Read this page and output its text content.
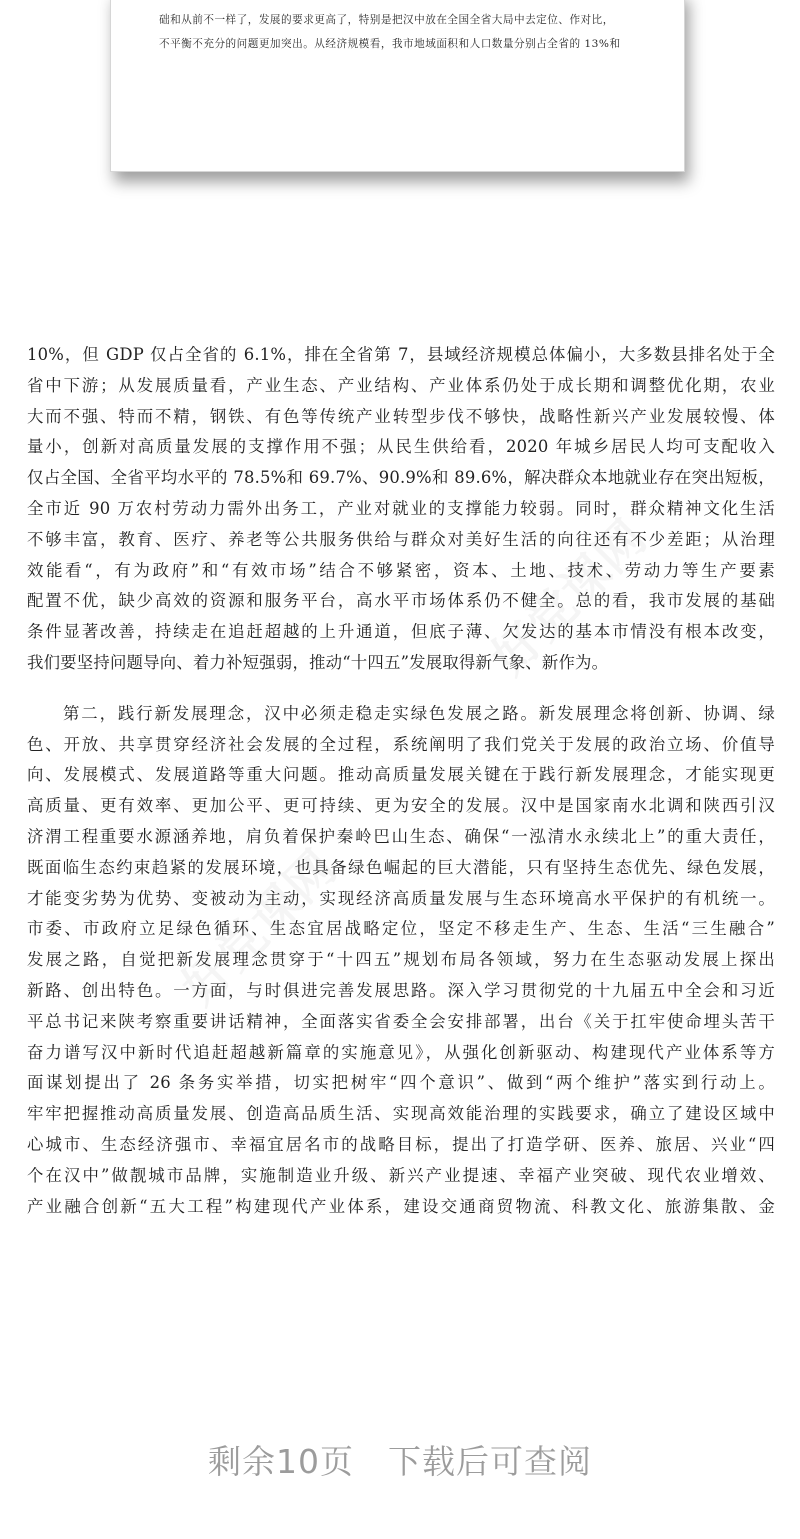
础和从前不一样了，发展的要求更高了，特别是把汉中放在全国全省大局中去定位、作对比，
不平衡不充分的问题更加突出。从经济规模看，我市地域面积和人口数量分别占全省的 13%和
好党课网
好党课网
10%，但 GDP 仅占全省的 6.1%，排在全省第 7，县域经济规模总体偏小，大多数县排名处于全
省中下游；从发展质量看，产业生态、产业结构、产业体系仍处于成长期和调整优化期，农业
大而不强、特而不精，钢铁、有色等传统产业转型步伐不够快，战略性新兴产业发展较慢、体
量小，创新对高质量发展的支撑作用不强；从民生供给看，2020 年城乡居民人均可支配收入
仅占全国、全省平均水平的 78.5%和 69.7%、90.9%和 89.6%，解决群众本地就业存在突出短板，
全市近 90 万农村劳动力需外出务工，产业对就业的支撑能力较弱。同时，群众精神文化生活
不够丰富，教育、医疗、养老等公共服务供给与群众对美好生活的向往还有不少差距；从治理
效能看“，有为政府”和“有效市场”结合不够紧密，资本、土地、技术、劳动力等生产要素
配置不优，缺少高效的资源和服务平台，高水平市场体系仍不健全。总的看，我市发展的基础
条件显著改善，持续走在追赶超越的上升通道，但底子薄、欠发达的基本市情没有根本改变，
我们要坚持问题导向、着力补短强弱，推动“十四五”发展取得新气象、新作为。
第二，践行新发展理念，汉中必须走稳走实绿色发展之路。新发展理念将创新、协调、绿
色、开放、共享贯穿经济社会发展的全过程，系统阐明了我们党关于发展的政治立场、价值导
向、发展模式、发展道路等重大问题。推动高质量发展关键在于践行新发展理念，才能实现更
高质量、更有效率、更加公平、更可持续、更为安全的发展。汉中是国家南水北调和陕西引汉
济渭工程重要水源涵养地，肩负着保护秦岭巴山生态、确保“一泓清水永续北上”的重大责任，
既面临生态约束趋紧的发展环境，也具备绿色崛起的巨大潜能，只有坚持生态优先、绿色发展，
才能变劣势为优势、变被动为主动，实现经济高质量发展与生态环境高水平保护的有机统一。
市委、市政府立足绿色循环、生态宜居战略定位，坚定不移走生产、生态、生活“三生融合”
发展之路，自觉把新发展理念贯穿于“十四五”规划布局各领域，努力在生态驱动发展上探出
新路、创出特色。一方面，与时俱进完善发展思路。深入学习贯彻党的十九届五中全会和习近
平总书记来陕考察重要讲话精神，全面落实省委全会安排部署，出台《关于扛牢使命埋头苦干
奋力谱写汉中新时代追赶超越新篇章的实施意见》，从强化创新驱动、构建现代产业体系等方
面谋划提出了 26 条务实举措，切实把树牢“四个意识”、做到“两个维护”落实到行动上。
牢牢把握推动高质量发展、创造高品质生活、实现高效能治理的实践要求，确立了建设区域中
心城市、生态经济强市、幸福宜居名市的战略目标，提出了打造学研、医养、旅居、兴业“四
个在汉中”做靓城市品牌，实施制造业升级、新兴产业提速、幸福产业突破、现代农业增效、
产业融合创新“五大工程”构建现代产业体系，建设交通商贸物流、科教文化、旅游集散、金
剩余10页 下载后可查阅
